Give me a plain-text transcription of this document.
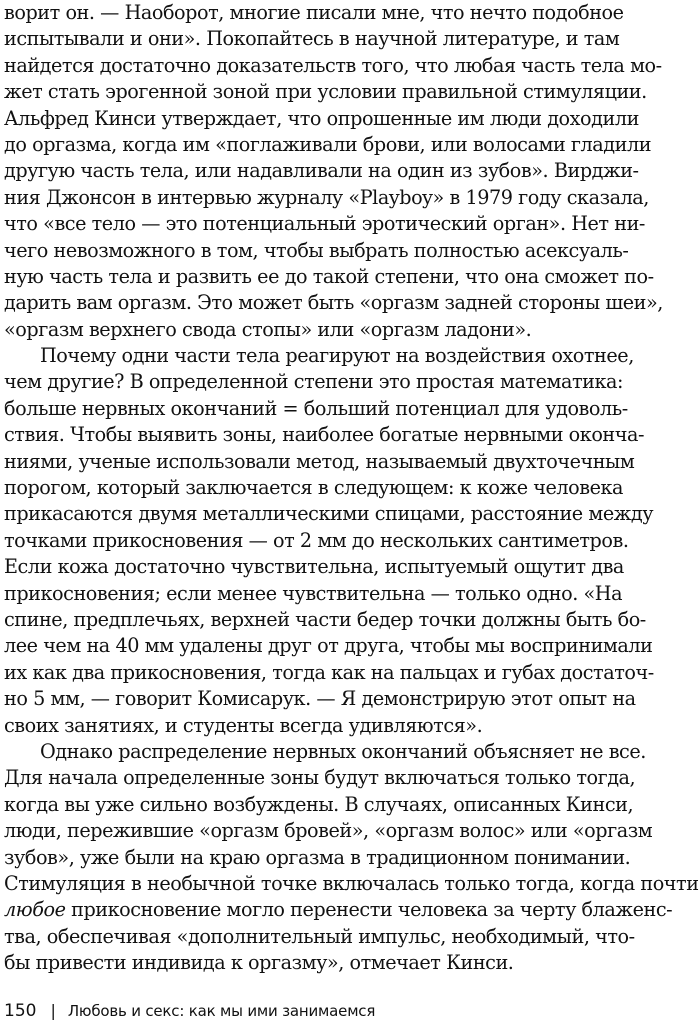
ворит он. — Наоборот, многие писали мне, что нечто подобное
испытывали и они». Покопайтесь в научной литературе, и там
найдется достаточно доказательств того, что любая часть тела мо-
жет стать эрогенной зоной при условии правильной стимуляции.
Альфред Кинси утверждает, что опрошенные им люди доходили
до оргазма, когда им «поглаживали брови, или волосами гладили
другую часть тела, или надавливали на один из зубов». Вирджи-
ния Джонсон в интервью журналу «Playboy» в 1979 году сказала,
что «все тело — это потенциальный эротический орган». Нет ни-
чего невозможного в том, чтобы выбрать полностью асексуаль-
ную часть тела и развить ее до такой степени, что она сможет по-
дарить вам оргазм. Это может быть «оргазм задней стороны шеи»,
«оргазм верхнего свода стопы» или «оргазм ладони».
Почему одни части тела реагируют на воздействия охотнее,
чем другие? В определенной степени это простая математика:
больше нервных окончаний = больший потенциал для удоволь-
ствия. Чтобы выявить зоны, наиболее богатые нервными оконча-
ниями, ученые использовали метод, называемый двухточечным
порогом, который заключается в следующем: к коже человека
прикасаются двумя металлическими спицами, расстояние между
точками прикосновения — от 2 мм до нескольких сантиметров.
Если кожа достаточно чувствительна, испытуемый ощутит два
прикосновения; если менее чувствительна — только одно. «На
спине, предплечьях, верхней части бедер точки должны быть бо-
лее чем на 40 мм удалены друг от друга, чтобы мы воспринимали
их как два прикосновения, тогда как на пальцах и губах достаточ-
но 5 мм, — говорит Комисарук. — Я демонстрирую этот опыт на
своих занятиях, и студенты всегда удивляются».
Однако распределение нервных окончаний объясняет не все.
Для начала определенные зоны будут включаться только тогда,
когда вы уже сильно возбуждены. В случаях, описанных Кинси,
люди, пережившие «оргазм бровей», «оргазм волос» или «оргазм
зубов», уже были на краю оргазма в традиционном понимании.
Стимуляция в необычной точке включалась только тогда, когда почти
любое прикосновение могло перенести человека за черту блаженс-
тва, обеспечивая «дополнительный импульс, необходимый, что-
бы привести индивида к оргазму», отмечает Кинси.
150 | Любовь и секс: как мы ими занимаемся
